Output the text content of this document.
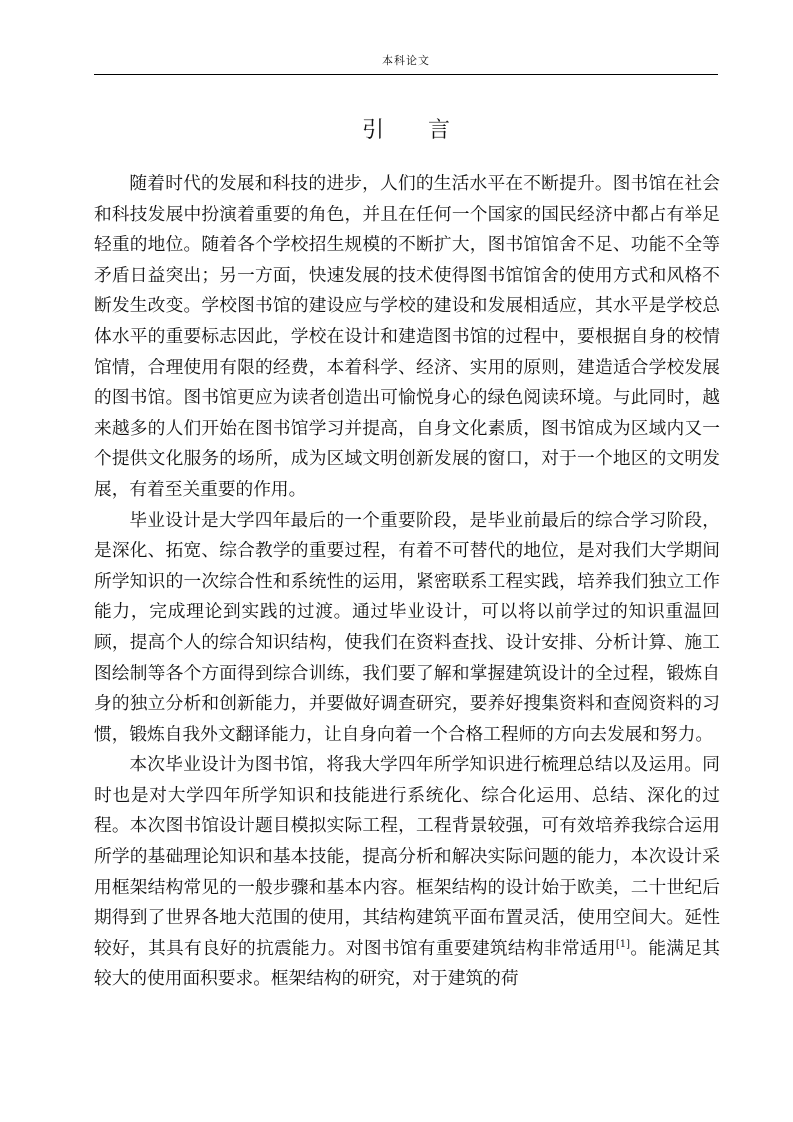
本科论文
引 言

随着时代的发展和科技的进步，人们的生活水平在不断提升。图书馆在社会和科技发展中扮演着重要的角色，并且在任何一个国家的国民经济中都占有举足轻重的地位。随着各个学校招生规模的不断扩大，图书馆馆舍不足、功能不全等矛盾日益突出；另一方面，快速发展的技术使得图书馆馆舍的使用方式和风格不断发生改变。学校图书馆的建设应与学校的建设和发展相适应，其水平是学校总体水平的重要标志因此，学校在设计和建造图书馆的过程中，要根据自身的校情馆情，合理使用有限的经费，本着科学、经济、实用的原则，建造适合学校发展的图书馆。图书馆更应为读者创造出可愉悦身心的绿色阅读环境。与此同时，越来越多的人们开始在图书馆学习并提高，自身文化素质，图书馆成为区域内又一个提供文化服务的场所，成为区域文明创新发展的窗口，对于一个地区的文明发展，有着至关重要的作用。

毕业设计是大学四年最后的一个重要阶段，是毕业前最后的综合学习阶段，是深化、拓宽、综合教学的重要过程，有着不可替代的地位，是对我们大学期间所学知识的一次综合性和系统性的运用，紧密联系工程实践，培养我们独立工作能力，完成理论到实践的过渡。通过毕业设计，可以将以前学过的知识重温回顾，提高个人的综合知识结构，使我们在资料查找、设计安排、分析计算、施工图绘制等各个方面得到综合训练，我们要了解和掌握建筑设计的全过程，锻炼自身的独立分析和创新能力，并要做好调查研究，要养好搜集资料和查阅资料的习惯，锻炼自我外文翻译能力，让自身向着一个合格工程师的方向去发展和努力。

本次毕业设计为图书馆，将我大学四年所学知识进行梳理总结以及运用。同时也是对大学四年所学知识和技能进行系统化、综合化运用、总结、深化的过程。本次图书馆设计题目模拟实际工程，工程背景较强，可有效培养我综合运用所学的基础理论知识和基本技能，提高分析和解决实际问题的能力，本次设计采用框架结构常见的一般步骤和基本内容。框架结构的设计始于欧美，二十世纪后期得到了世界各地大范围的使用，其结构建筑平面布置灵活，使用空间大。延性较好，其具有良好的抗震能力。对图书馆有重要建筑结构非常适用[1]。能满足其较大的使用面积要求。框架结构的研究，对于建筑的荷
